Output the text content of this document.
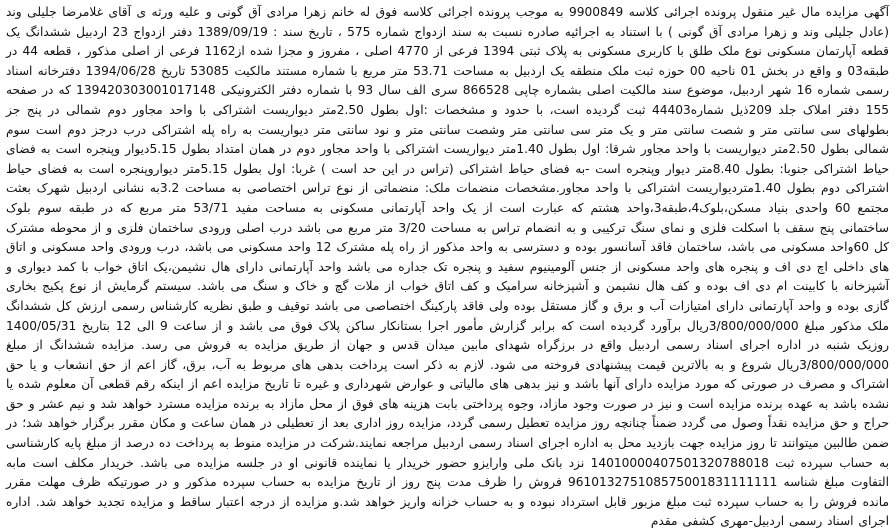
آگهی مزایده مال غیر منقول پرونده اجرائی کلاسه 9900849 به موجب پرونده اجرائی کلاسه فوق له خانم زهرا مرادی آق گونی و علیه ورثه ی آقای غلامرضا جلیلی وند (عادل جلیلی وند و زهرا مرادی آق گونی ) با استناد به اجرائیه صادره نسبت به سند ازدواج شماره 575 ، تاریخ سند : 1389/09/19 دفتر ازدواج 23 اردبیل ششدانگ یک قطعه آپارتمان مسکونی نوع ملک طلق با کاربری مسکونی به پلاک ثبتی 1394 فرعی از 4770 اصلی ، مفروز و مجزا شده از1162 فرعی از اصلی مذکور ، قطعه 44 در طبقه03 و واقع در بخش 01 ناحیه 00 حوزه ثبت ملک منطقه یک اردبیل به مساحت 53.71 متر مربع با شماره مستند مالکیت 53085 تاریخ 1394/06/28 دفترخانه اسناد رسمی شماره 16 شهر اردبیل، موضوع سند مالکیت اصلی بشماره چاپی 866528 سری الف سال 93 با شماره دفتر الکترونیکی 139420303001017148 که در صفحه 155 دفتر املاک جلد 209ذیل شماره44403 ثبت گردیده است، با حدود و مشخصات :اول بطول 2.50متر دیواریست اشتراکی با واحد مجاور دوم شمالی در پنج جز بطولهای سی سانتی متر و شصت سانتی متر و یک متر سی سانتی متر وشصت سانتی متر و نود سانتی متر دیواریست به راه پله اشتراکی درب درجز دوم است سوم شمالی بطول 2.50متر دیواریست با واحد مجاور شرقا: اول بطول 1.40متر دیواریست اشتراکی با واحد مجاور دوم در همان امتداد بطول 5.15دیوار وپنجره است به فضای حیاط اشتراکی جنوبا: بطول 8.40متر دیوار وپنجره است -به فضای حیاط اشتراکی (تراس در این حد است ) غربا: اول بطول 5.15متر دیواروپنجره است به فضای حیاط اشتراکی دوم بطول 1.40متردیواریست اشتراکی با واحد مجاور.مشخصات منضمات ملک: منضماتی از نوع تراس اختصاصی به مساحت 3.2به نشانی اردبیل شهرک بعثت مجتمع 60 واحدی بنیاد مسکن،بلوک4،طبقه3،واحد هشتم که عبارت است از یک واحد آپارتمانی مسکونی به مساحت مفید 53/71 متر مربع که در طبقه سوم بلوک ساختمانی پنج سقف با اسکلت فلزی و نمای سنگ ترکیبی و به انضمام تراس به مساحت 3/20 متر مربع می باشد درب اصلی ورودی ساختمان فلزی و از محوطه مشترک کل 60واحد مسکونی می باشد، ساختمان فاقد آسانسور بوده و دسترسی به واحد مذکور از راه پله مشترک 12 واحد مسکونی می باشد، درب ورودی واحد مسکونی و اتاق های داخلی اچ دی اف و پنجره های واحد مسکونی از جنس آلومینیوم سفید و پنجره تک جداره می باشد واحد آپارتمانی دارای هال نشیمن،یک اتاق خواب با کمد دیواری و آشپزخانه با کابینت ام دی اف بوده و کف هال نشیمن و آشپزخانه سرامیک و کف اتاق خواب از ملات گچ و خاک و سنگ می باشد. سیستم گرمایش از نوع پکیج بخاری گازی بوده و واحد آپارتمانی دارای امتیازات آب و برق و گاز مستقل بوده ولی فاقد پارکینگ اختصاصی می باشد توقیف و طبق نظریه کارشناس رسمی ارزش کل ششدانگ ملک مذکور مبلغ 3/800/000/000ریال برآورد گردیده است که برابر گزارش مأمور اجرا بستانکار ساکن پلاک فوق می باشد و از ساعت 9 الی 12 بتاریخ 1400/05/31 روزیک شنبه در اداره اجرای اسناد رسمی اردبیل واقع در برزگراه شهدای مابین میدان قدس و جهان از طریق مزایده به فروش می رسد. مزایده ششدانگ از مبلغ 3/800/000/000ریال شروع و به بالاترین قیمت پیشنهادی فروخته می شود. لازم به ذکر است پرداخت بدهی های مربوط به آب، برق، گاز اعم از حق انشعاب و یا حق اشتراک و مصرف در صورتی که مورد مزایده دارای آنها باشد و نیز بدهی های مالیاتی و عوارض شهرداری و غیره تا تاریخ مزایده اعم از اینکه رقم قطعی آن معلوم شده یا نشده باشد به عهده برنده مزایده است و نیز در صورت وجود مازاد، وجوه پرداختی بابت هزینه های فوق از محل مازاد به برنده مزایده مسترد خواهد شد و نیم عشر و حق حراج و حق مزایده نقداً وصول می گردد ضمناً چنانچه روز مزایده تعطیل رسمی گردد، مزایده روز اداری بعد از تعطیلی در همان ساعت و مکان مقرر برگزار خواهد شد؛ در ضمن طالبین میتوانند تا روز مزایده جهت بازدید محل به اداره اجرای اسناد رسمی اردبیل مراجعه نمایند.شرکت در مزایده منوط به پرداخت ده درصد از مبلغ پایه کارشناسی به حساب سپرده ثبت 14010000407501320788018 نزد بانک ملی وارایزو حضور خریدار یا نماینده قانونی او در جلسه مزایده می باشد. خریدار مکلف است مابه التفاوت مبلغ شناسه 961013275108575001831111111 فروش را ظرف مدت پنج روز از تاریخ مزایده به حساب سپرده مذکور و در صورتیکه ظرف مهلت مقرر مانده فروش را به حساب سپرده ثبت مبلغ مزبور قابل استرداد نبوده و به حساب خزانه واریز خواهد شد.و مزایده از درجه اعتبار ساقط و مزایده تجدید خواهد شد. اداره اجرای اسناد رسمی اردبیل-مهری کشفی مقدم
